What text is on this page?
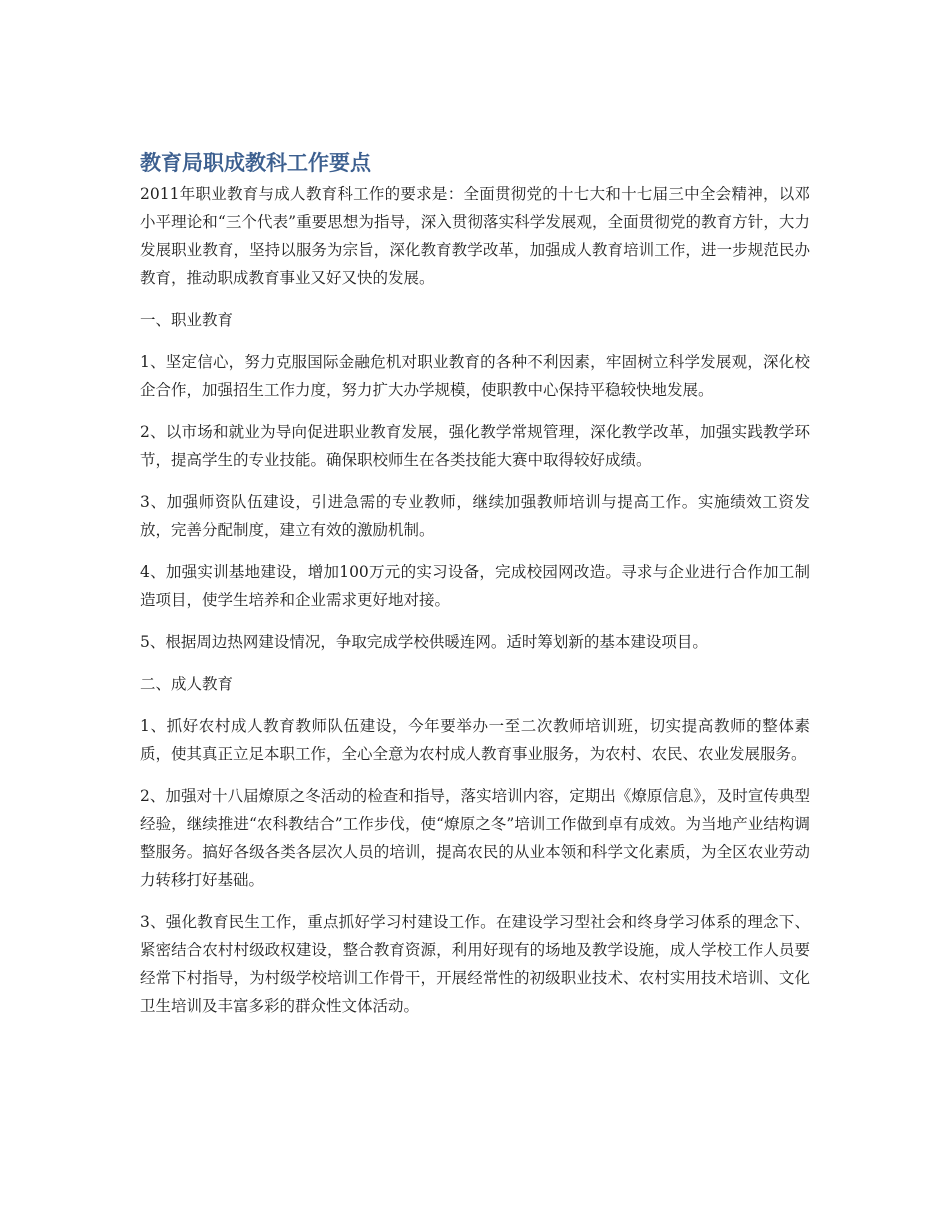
教育局职成教科工作要点

2011年职业教育与成人教育科工作的要求是：全面贯彻党的十七大和十七届三中全会精神，以邓小平理论和“三个代表”重要思想为指导，深入贯彻落实科学发展观，全面贯彻党的教育方针，大力发展职业教育，坚持以服务为宗旨，深化教育教学改革，加强成人教育培训工作，进一步规范民办教育，推动职成教育事业又好又快的发展。

一、职业教育

1、坚定信心，努力克服国际金融危机对职业教育的各种不利因素，牢固树立科学发展观，深化校企合作，加强招生工作力度，努力扩大办学规模，使职教中心保持平稳较快地发展。

2、以市场和就业为导向促进职业教育发展，强化教学常规管理，深化教学改革，加强实践教学环节，提高学生的专业技能。确保职校师生在各类技能大赛中取得较好成绩。

3、加强师资队伍建设，引进急需的专业教师，继续加强教师培训与提高工作。实施绩效工资发放，完善分配制度，建立有效的激励机制。

4、加强实训基地建设，增加100万元的实习设备，完成校园网改造。寻求与企业进行合作加工制造项目，使学生培养和企业需求更好地对接。

5、根据周边热网建设情况，争取完成学校供暖连网。适时筹划新的基本建设项目。

二、成人教育

1、抓好农村成人教育教师队伍建设，今年要举办一至二次教师培训班，切实提高教师的整体素质，使其真正立足本职工作，全心全意为农村成人教育事业服务，为农村、农民、农业发展服务。

2、加强对十八届燎原之冬活动的检查和指导，落实培训内容，定期出《燎原信息》，及时宣传典型经验，继续推进“农科教结合”工作步伐，使“燎原之冬”培训工作做到卓有成效。为当地产业结构调整服务。搞好各级各类各层次人员的培训，提高农民的从业本领和科学文化素质，为全区农业劳动力转移打好基础。

3、强化教育民生工作，重点抓好学习村建设工作。在建设学习型社会和终身学习体系的理念下、紧密结合农村村级政权建设，整合教育资源，利用好现有的场地及教学设施，成人学校工作人员要经常下村指导，为村级学校培训工作骨干，开展经常性的初级职业技术、农村实用技术培训、文化卫生培训及丰富多彩的群众性文体活动。
